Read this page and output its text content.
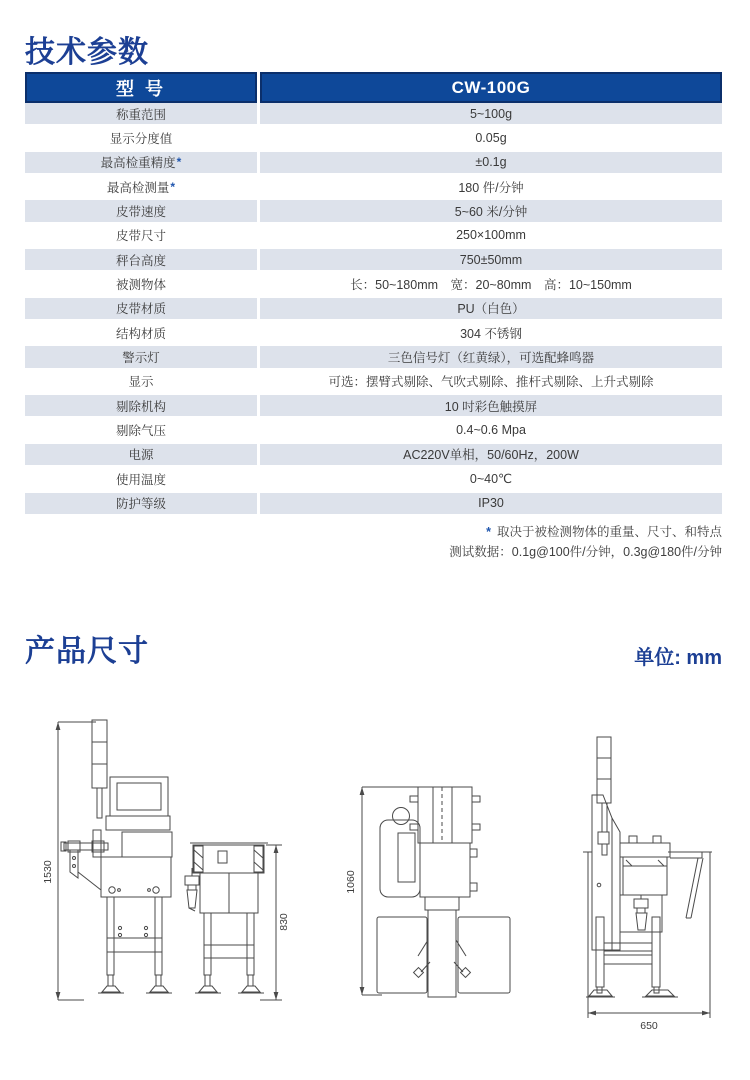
技术参数
型 号	CW-100G
称重范围	5~100g
显示分度值	0.05g
最高检重精度 *	±0.1g
最高检测量 *	180 件/分钟
皮带速度	5~60 米/分钟
皮带尺寸	250×100mm
秤台高度	750±50mm
被测物体	长：50~180mm　宽：20~80mm　高：10~150mm
皮带材质	PU（白色）
结构材质	304 不锈钢
警示灯	三色信号灯（红黄绿），可选配蜂鸣器
显示	可选：摆臂式剔除、气吹式剔除、推杆式剔除、上升式剔除
剔除机构	10 吋彩色触摸屏
剔除气压	0.4~0.6 Mpa
电源	AC220V单相，50/60Hz，200W
使用温度	0~40℃
防护等级	IP30
* 取决于被检测物体的重量、尺寸、和特点
测试数据：0.1g@100件/分钟，0.3g@180件/分钟
产品尺寸	单位: mm
1530
830
1060
650
